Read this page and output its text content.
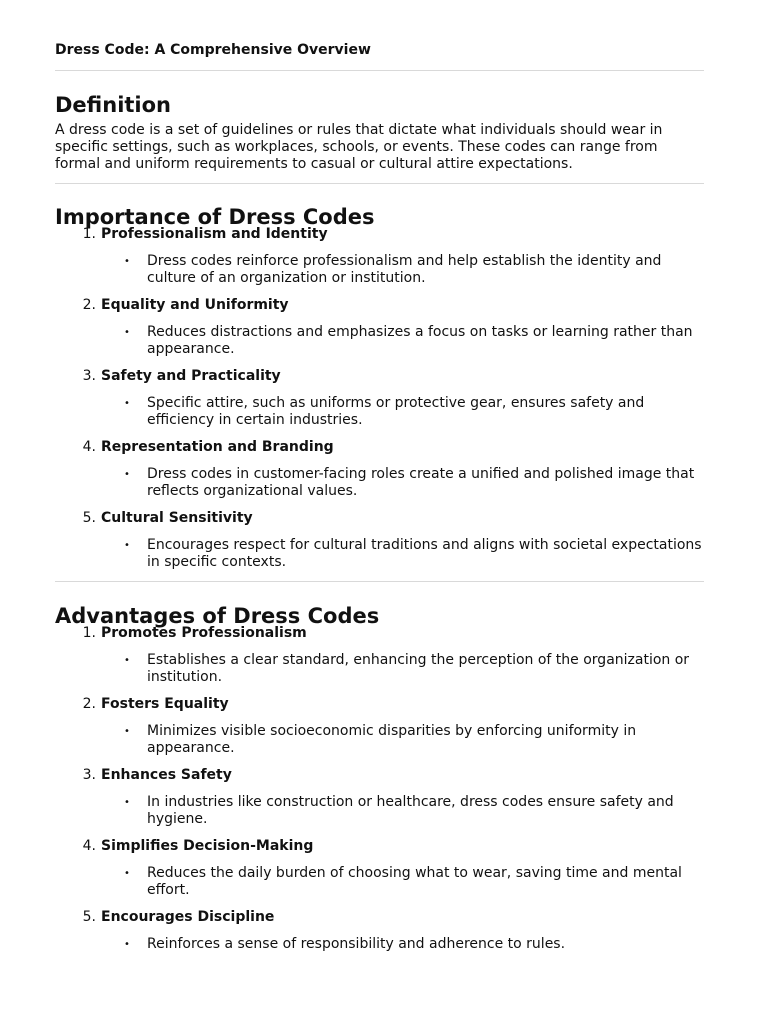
Dress Code: A Comprehensive Overview
Definition

A dress code is a set of guidelines or rules that dictate what individuals should wear in specific settings, such as workplaces, schools, or events. These codes can range from formal and uniform requirements to casual or cultural attire expectations.

Importance of Dress Codes
1. Professionalism and Identity
• Dress codes reinforce professionalism and help establish the identity and culture of an organization or institution.
2. Equality and Uniformity
• Reduces distractions and emphasizes a focus on tasks or learning rather than appearance.
3. Safety and Practicality
• Specific attire, such as uniforms or protective gear, ensures safety and efficiency in certain industries.
4. Representation and Branding
• Dress codes in customer-facing roles create a unified and polished image that reflects organizational values.
5. Cultural Sensitivity
• Encourages respect for cultural traditions and aligns with societal expectations in specific contexts.
Advantages of Dress Codes
1. Promotes Professionalism
• Establishes a clear standard, enhancing the perception of the organization or institution.
2. Fosters Equality
• Minimizes visible socioeconomic disparities by enforcing uniformity in appearance.
3. Enhances Safety
• In industries like construction or healthcare, dress codes ensure safety and hygiene.
4. Simplifies Decision-Making
• Reduces the daily burden of choosing what to wear, saving time and mental effort.
5. Encourages Discipline
• Reinforces a sense of responsibility and adherence to rules.
